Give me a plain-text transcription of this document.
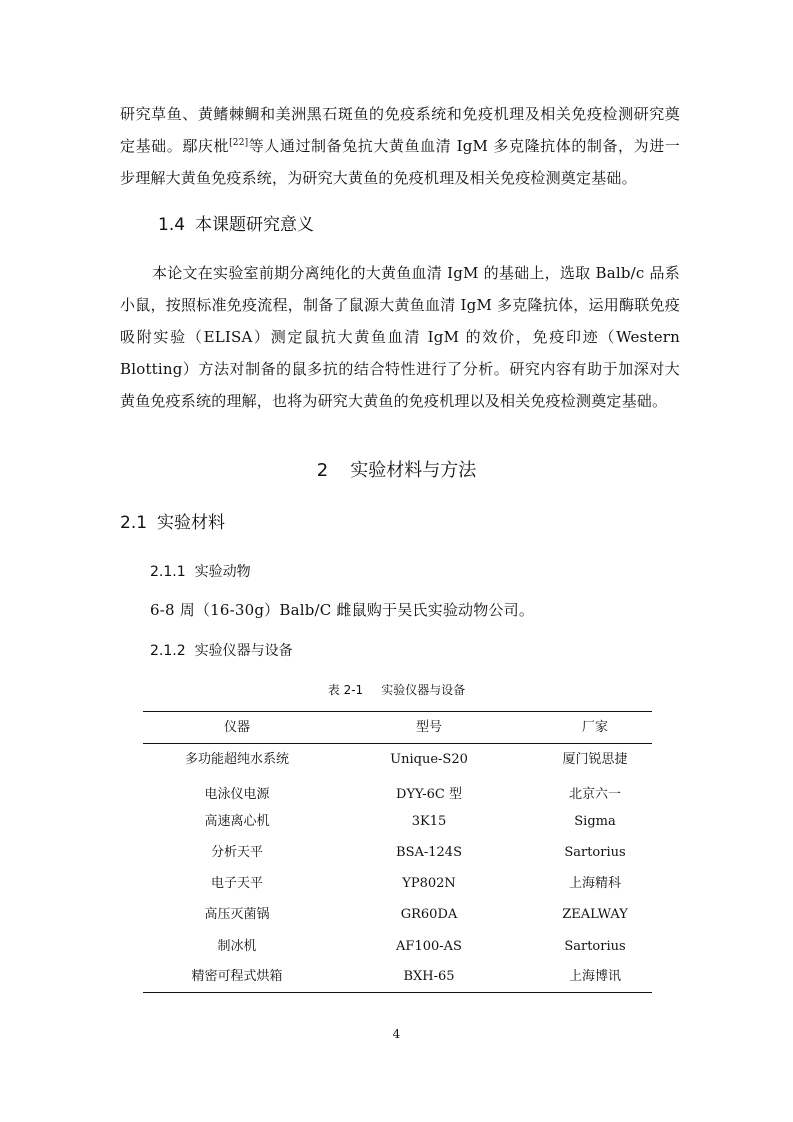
研究草鱼、黄鳍棘鲷和美洲黑石斑鱼的免疫系统和免疫机理及相关免疫检测研究奠定基础。鄢庆枇[22]等人通过制备兔抗大黄鱼血清 IgM 多克隆抗体的制备，为进一步理解大黄鱼免疫系统，为研究大黄鱼的免疫机理及相关免疫检测奠定基础。
1.4 本课题研究意义
本论文在实验室前期分离纯化的大黄鱼血清 IgM 的基础上，选取 Balb/c 品系小鼠，按照标准免疫流程，制备了鼠源大黄鱼血清 IgM 多克隆抗体，运用酶联免疫吸附实验（ELISA）测定鼠抗大黄鱼血清 IgM 的效价，免疫印迹（Western Blotting）方法对制备的鼠多抗的结合特性进行了分析。研究内容有助于加深对大黄鱼免疫系统的理解，也将为研究大黄鱼的免疫机理以及相关免疫检测奠定基础。
2 实验材料与方法
2.1 实验材料
2.1.1 实验动物
6-8 周（16-30g）Balb/C 雌鼠购于吴氏实验动物公司。
2.1.2 实验仪器与设备
表 2-1 实验仪器与设备
仪器	型号	厂家
多功能超纯水系统	Unique-S20	厦门锐思捷
电泳仪电源	DYY-6C 型	北京六一
高速离心机	3K15	Sigma
分析天平	BSA-124S	Sartorius
电子天平	YP802N	上海精科
高压灭菌锅	GR60DA	ZEALWAY
制冰机	AF100-AS	Sartorius
精密可程式烘箱	BXH-65	上海博讯
4
